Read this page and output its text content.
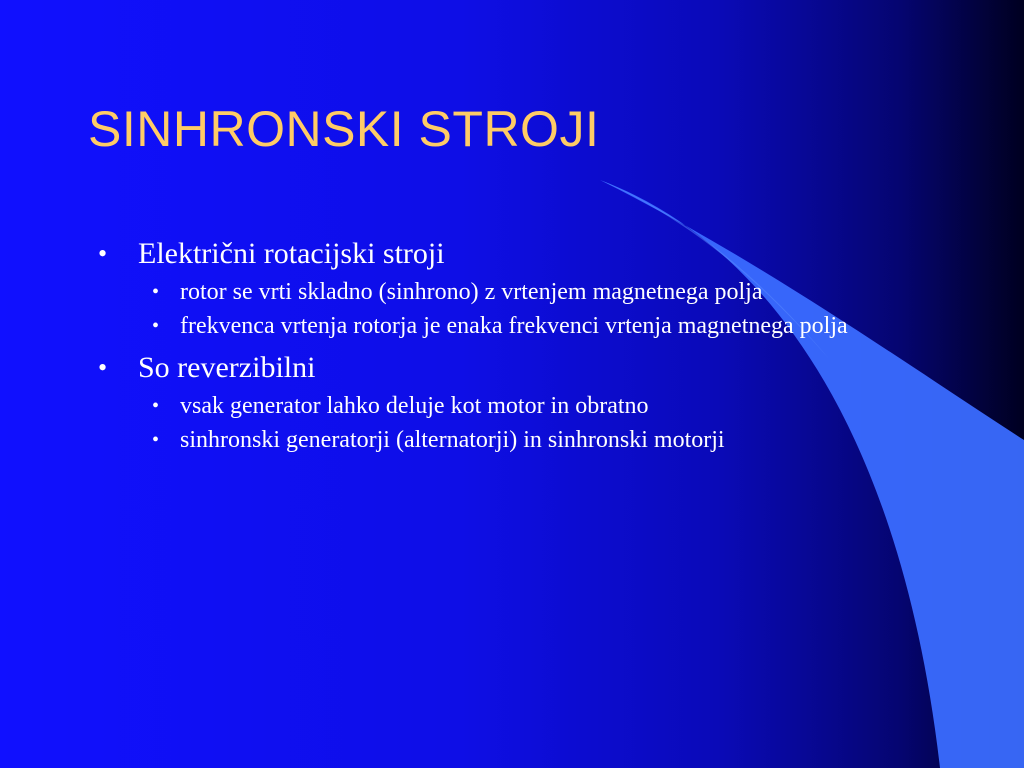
SINHRONSKI STROJI

• Električni rotacijski stroji

• rotor se vrti skladno (sinhrono) z vrtenjem magnetnega polja

• frekvenca vrtenja rotorja je enaka frekvenci vrtenja magnetnega polja

• So reverzibilni

• vsak generator lahko deluje kot motor in obratno

• sinhronski generatorji (alternatorji) in sinhronski motorji
